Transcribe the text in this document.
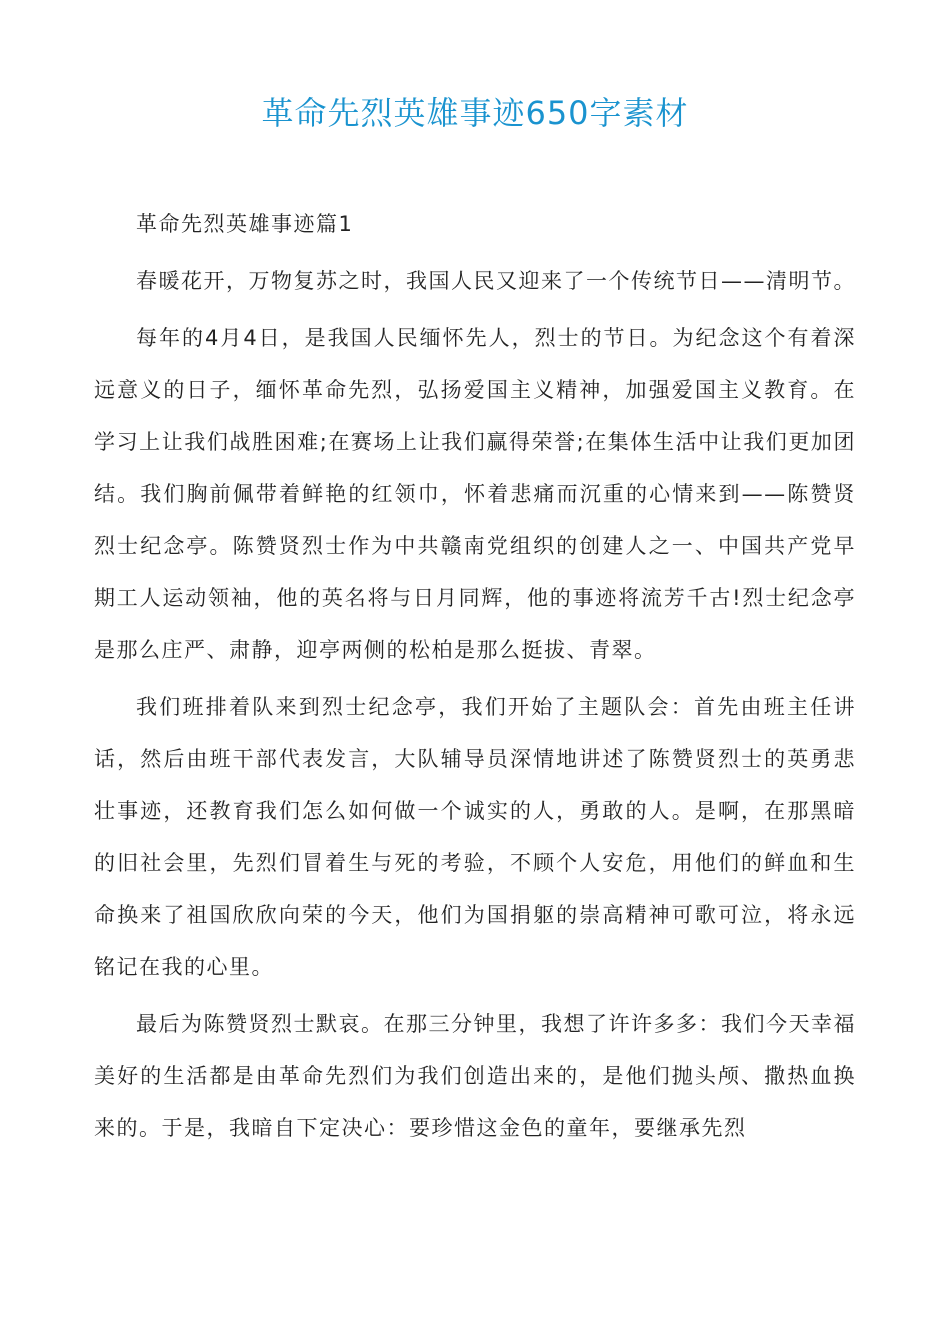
革命先烈英雄事迹650字素材

革命先烈英雄事迹篇1

春暖花开，万物复苏之时，我国人民又迎来了一个传统节日——清明节。

每年的4月4日，是我国人民缅怀先人，烈士的节日。为纪念这个有着深远意义的日子，缅怀革命先烈，弘扬爱国主义精神，加强爱国主义教育。在学习上让我们战胜困难;在赛场上让我们赢得荣誉;在集体生活中让我们更加团结。我们胸前佩带着鲜艳的红领巾，怀着悲痛而沉重的心情来到——陈赞贤烈士纪念亭。陈赞贤烈士作为中共赣南党组织的创建人之一、中国共产党早期工人运动领袖，他的英名将与日月同辉，他的事迹将流芳千古!烈士纪念亭是那么庄严、肃静，迎亭两侧的松柏是那么挺拔、青翠。

我们班排着队来到烈士纪念亭，我们开始了主题队会：首先由班主任讲话，然后由班干部代表发言，大队辅导员深情地讲述了陈赞贤烈士的英勇悲壮事迹，还教育我们怎么如何做一个诚实的人，勇敢的人。是啊，在那黑暗的旧社会里，先烈们冒着生与死的考验，不顾个人安危，用他们的鲜血和生命换来了祖国欣欣向荣的今天，他们为国捐躯的崇高精神可歌可泣，将永远铭记在我的心里。

最后为陈赞贤烈士默哀。在那三分钟里，我想了许许多多：我们今天幸福美好的生活都是由革命先烈们为我们创造出来的，是他们抛头颅、撒热血换来的。于是，我暗自下定决心：要珍惜这金色的童年，要继承先烈
